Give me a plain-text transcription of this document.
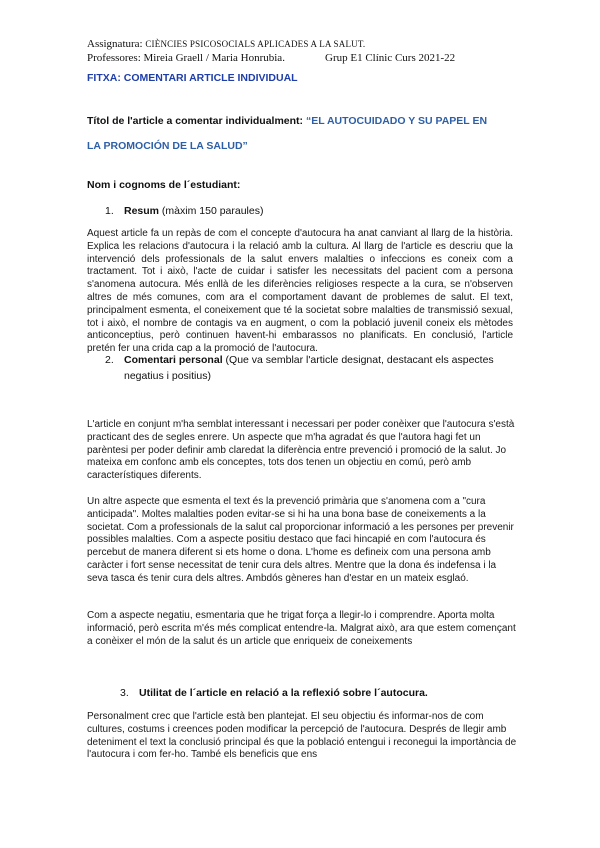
Assignatura: CIÈNCIES PSICOSOCIALS APLICADES A LA SALUT.
Professores: Mireia Graell / Maria Honrubia.	Grup E1 Clínic Curs 2021-22
FITXA: COMENTARI ARTICLE INDIVIDUAL
Títol de l'article a comentar individualment: “EL AUTOCUIDADO Y SU PAPEL EN
LA PROMOCIÓN DE LA SALUD”
Nom i cognoms de l´estudiant:
1. Resum (màxim 150 paraules)

Aquest article fa un repàs de com el concepte d'autocura ha anat canviant al llarg de la història. Explica les relacions d'autocura i la relació amb la cultura. Al llarg de l'article es descriu que la intervenció dels professionals de la salut envers malalties o infeccions es coneix com a tractament. Tot i això, l'acte de cuidar i satisfer les necessitats del pacient com a persona s'anomena autocura. Més enllà de les diferències religioses respecte a la cura, se n'observen altres de més comunes, com ara el comportament davant de problemes de salut. El text, principalment esmenta, el coneixement que té la societat sobre malalties de transmissió sexual, tot i això, el nombre de contagis va en augment, o com la població juvenil coneix els mètodes anticonceptius, però continuen havent-hi embarassos no planificats. En conclusió, l'article pretén fer una crida cap a la promoció de l'autocura.

2. Comentari personal (Que va semblar l'article designat, destacant els aspectes
negatius i positius)

L'article en conjunt m'ha semblat interessant i necessari per poder conèixer que l'autocura s'està practicant des de segles enrere. Un aspecte que m'ha agradat és que l'autora hagi fet un parèntesi per poder definir amb claredat la diferència entre prevenció i promoció de la salut. Jo mateixa em confonc amb els conceptes, tots dos tenen un objectiu en comú, però amb característiques diferents.

Un altre aspecte que esmenta el text és la prevenció primària que s'anomena com a "cura anticipada". Moltes malalties poden evitar-se si hi ha una bona base de coneixements a la societat. Com a professionals de la salut cal proporcionar informació a les persones per prevenir possibles malalties. Com a aspecte positiu destaco que faci hincapié en com l'autocura és percebut de manera diferent si ets home o dona. L'home es defineix com una persona amb caràcter i fort sense necessitat de tenir cura dels altres. Mentre que la dona és indefensa i la seva tasca és tenir cura dels altres. Ambdós gèneres han d'estar en un mateix esglaó.

Com a aspecte negatiu, esmentaria que he trigat força a llegir-lo i comprendre. Aporta molta informació, però escrita m'és més complicat entendre-la. Malgrat això, ara que estem començant a conèixer el món de la salut és un article que enriqueix de coneixements

3. Utilitat de l´article en relació a la reflexió sobre l´autocura.

Personalment crec que l'article està ben plantejat. El seu objectiu és informar-nos de com cultures, costums i creences poden modificar la percepció de l'autocura. Després de llegir amb deteniment el text la conclusió principal és que la població entengui i reconegui la importància de l'autocura i com fer-ho. També els beneficis que ens
